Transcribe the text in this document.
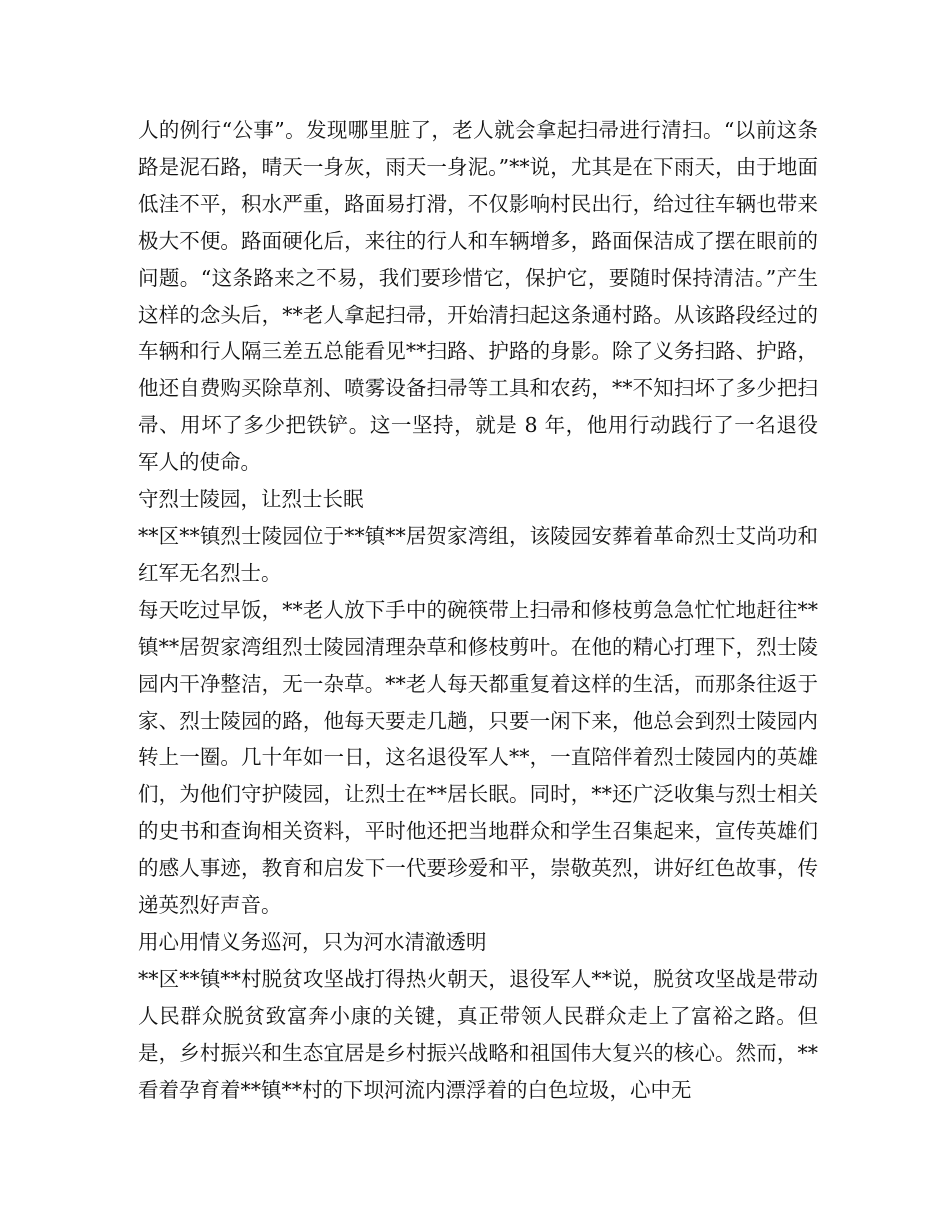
人的例行“公事”。发现哪里脏了，老人就会拿起扫帚进行清扫。“以前这条路是泥石路，晴天一身灰，雨天一身泥。”**说，尤其是在下雨天，由于地面低洼不平，积水严重，路面易打滑，不仅影响村民出行，给过往车辆也带来极大不便。路面硬化后，来往的行人和车辆增多，路面保洁成了摆在眼前的问题。“这条路来之不易，我们要珍惜它，保护它，要随时保持清洁。”产生这样的念头后，**老人拿起扫帚，开始清扫起这条通村路。从该路段经过的车辆和行人隔三差五总能看见**扫路、护路的身影。除了义务扫路、护路，他还自费购买除草剂、喷雾设备扫帚等工具和农药，**不知扫坏了多少把扫帚、用坏了多少把铁铲。这一坚持，就是 8 年，他用行动践行了一名退役军人的使命。

守烈士陵园，让烈士长眠

**区**镇烈士陵园位于**镇**居贺家湾组，该陵园安葬着革命烈士艾尚功和红军无名烈士。

每天吃过早饭，**老人放下手中的碗筷带上扫帚和修枝剪急急忙忙地赶往**镇**居贺家湾组烈士陵园清理杂草和修枝剪叶。在他的精心打理下，烈士陵园内干净整洁，无一杂草。**老人每天都重复着这样的生活，而那条往返于家、烈士陵园的路，他每天要走几趟，只要一闲下来，他总会到烈士陵园内转上一圈。几十年如一日，这名退役军人**，一直陪伴着烈士陵园内的英雄们，为他们守护陵园，让烈士在**居长眠。同时，**还广泛收集与烈士相关的史书和查询相关资料，平时他还把当地群众和学生召集起来，宣传英雄们的感人事迹，教育和启发下一代要珍爱和平，崇敬英烈，讲好红色故事，传递英烈好声音。

用心用情义务巡河，只为河水清澈透明

**区**镇**村脱贫攻坚战打得热火朝天，退役军人**说，脱贫攻坚战是带动人民群众脱贫致富奔小康的关键，真正带领人民群众走上了富裕之路。但是，乡村振兴和生态宜居是乡村振兴战略和祖国伟大复兴的核心。然而，**看着孕育着**镇**村的下坝河流内漂浮着的白色垃圾，心中无
